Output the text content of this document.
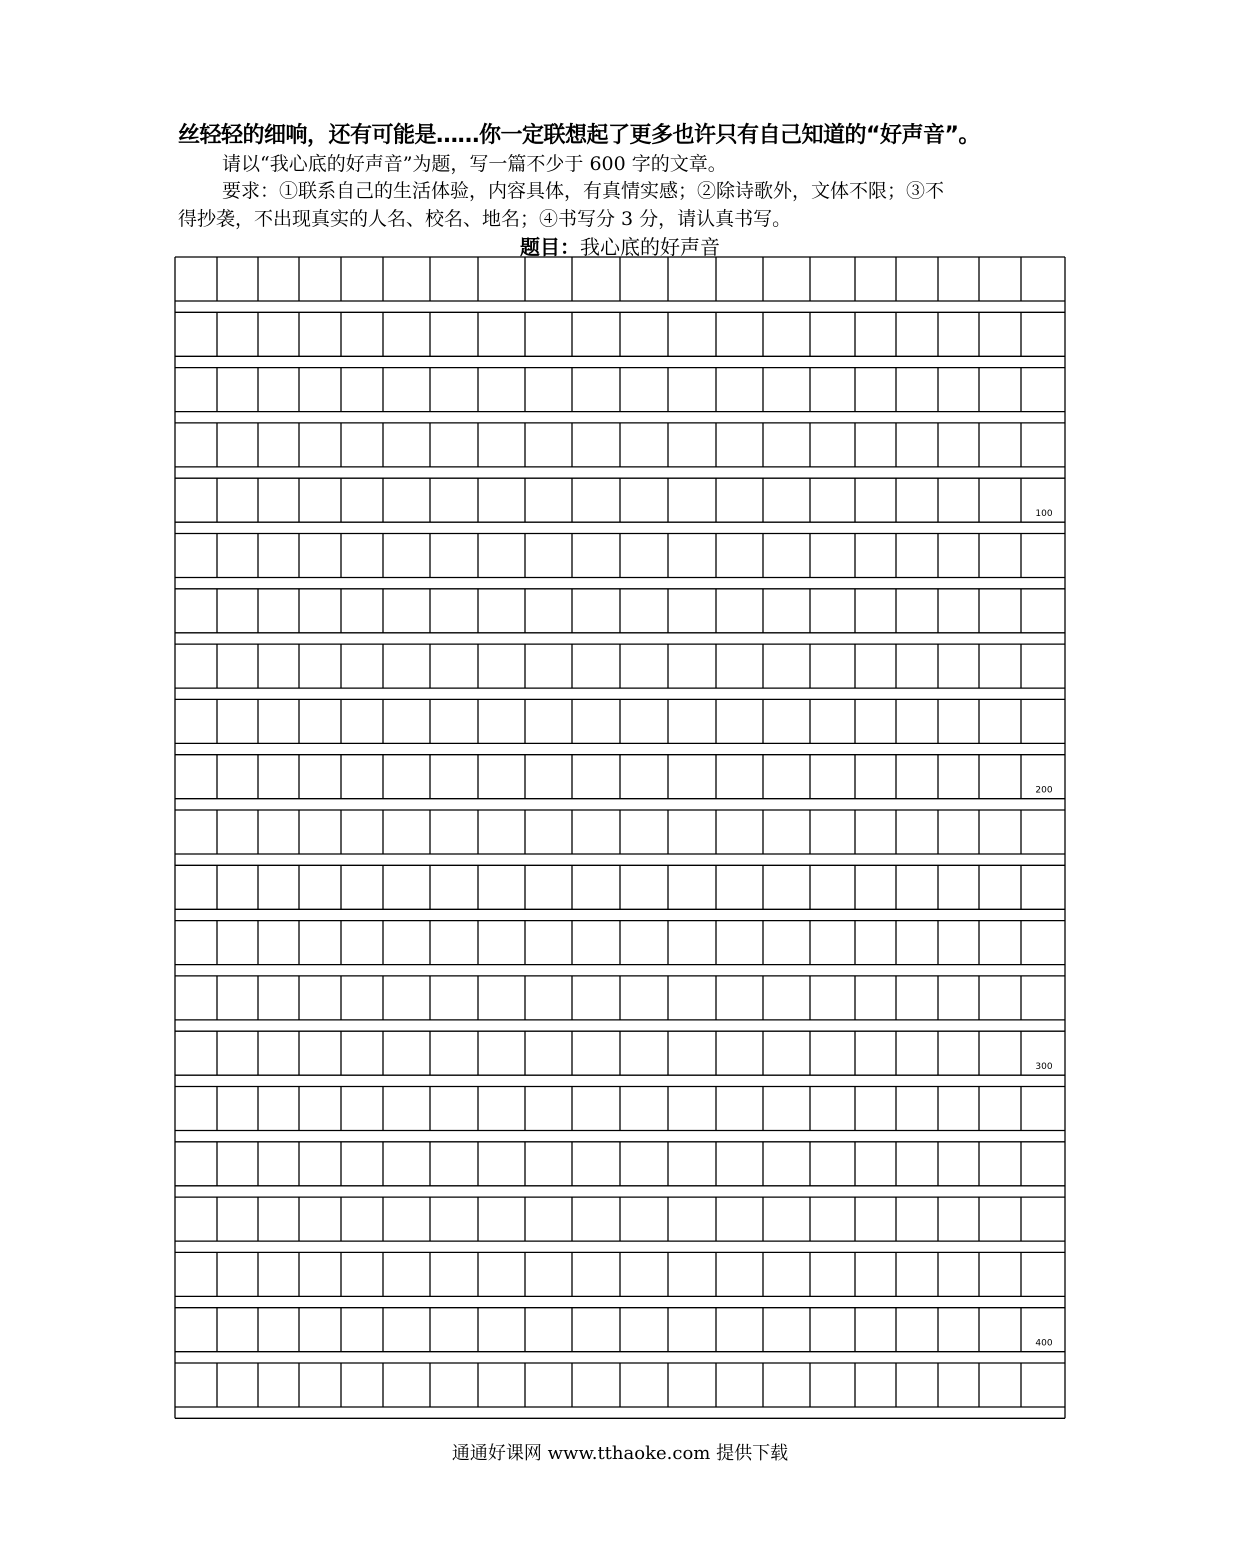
丝轻轻的细响，还有可能是……你一定联想起了更多也许只有自己知道的“好声音”。
请以“我心底的好声音”为题，写一篇不少于 600 字的文章。
要求：①联系自己的生活体验，内容具体，有真情实感；②除诗歌外，文体不限；③不
得抄袭，不出现真实的人名、校名、地名；④书写分 3 分，请认真书写。
题目：我心底的好声音
100
200
300
400
通通好课网 www.tthaoke.com 提供下载
